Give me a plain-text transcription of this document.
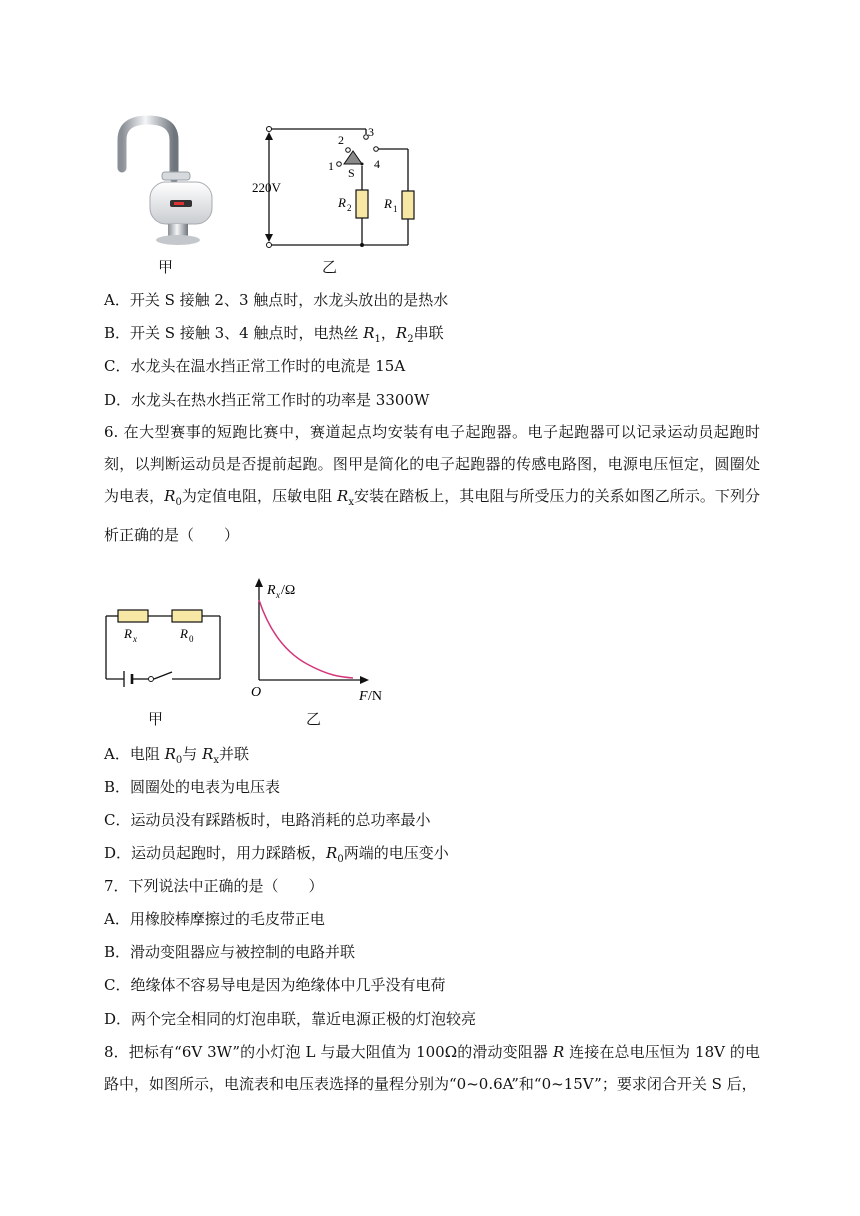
甲
220V
2
3
1	4
S
R 2	R 1
乙
A．开关 S 接触 2、3 触点时，水龙头放出的是热水
B．开关 S 接触 3、4 触点时，电热丝 $R_1$，$R_2$串联
C．水龙头在温水挡正常工作时的电流是 15A
D．水龙头在热水挡正常工作时的功率是 3300W
6. 在大型赛事的短跑比赛中，赛道起点均安装有电子起跑器。电子起跑器可以记录运动员起跑时刻，以判断运动员是否提前起跑。图甲是简化的电子起跑器的传感电路图，电源电压恒定，圆圈处为电表，$R_0$为定值电阻，压敏电阻 $R_x$安装在踏板上，其电阻与所受压力的关系如图乙所示。下列分析正确的是（　　）
R x	R 0
甲
R x /Ω
F /N
O
乙
A．电阻 $R_0$与 $R_x$并联
B．圆圈处的电表为电压表
C．运动员没有踩踏板时，电路消耗的总功率最小
D．运动员起跑时，用力踩踏板，$R_0$两端的电压变小
7．下列说法中正确的是（　　）
A．用橡胶棒摩擦过的毛皮带正电
B．滑动变阻器应与被控制的电路并联
C．绝缘体不容易导电是因为绝缘体中几乎没有电荷
D．两个完全相同的灯泡串联，靠近电源正极的灯泡较亮
8．把标有“6V 3W”的小灯泡 L 与最大阻值为 100Ω的滑动变阻器 R 连接在总电压恒为 18V 的电路中，如图所示，电流表和电压表选择的量程分别为“0~0.6A”和“0~15V”；要求闭合开关 S 后，
